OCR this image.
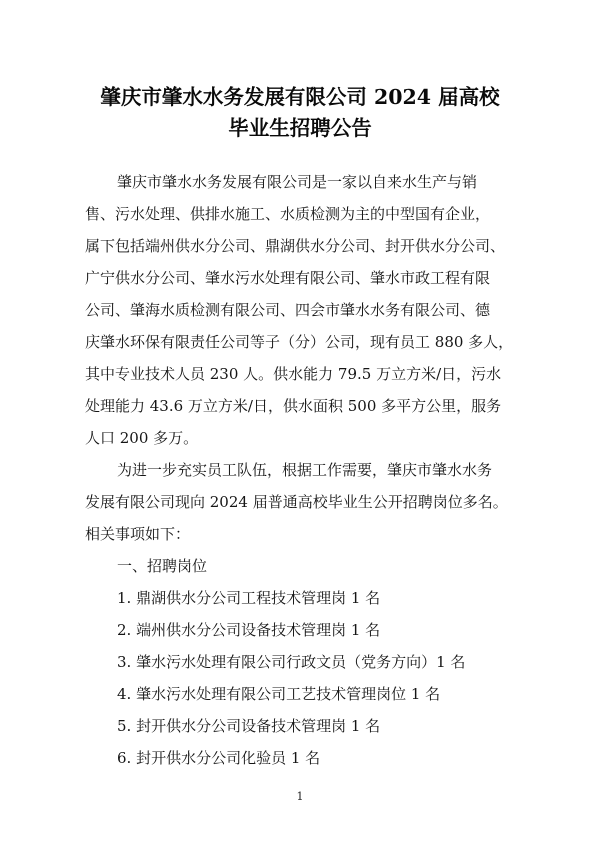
肇庆市肇水水务发展有限公司 2024 届高校
毕业生招聘公告
肇庆市肇水水务发展有限公司是一家以自来水生产与销
售、污水处理、供排水施工、水质检测为主的中型国有企业，
属下包括端州供水分公司、鼎湖供水分公司、封开供水分公司、
广宁供水分公司、肇水污水处理有限公司、肇水市政工程有限
公司、肇海水质检测有限公司、四会市肇水水务有限公司、德
庆肇水环保有限责任公司等子（分）公司，现有员工 880 多人，
其中专业技术人员 230 人。供水能力 79.5 万立方米/日，污水
处理能力 43.6 万立方米/日，供水面积 500 多平方公里，服务
人口 200 多万。
为进一步充实员工队伍，根据工作需要，肇庆市肇水水务
发展有限公司现向 2024 届普通高校毕业生公开招聘岗位多名。
相关事项如下：
一、招聘岗位
1. 鼎湖供水分公司工程技术管理岗 1 名
2. 端州供水分公司设备技术管理岗 1 名
3. 肇水污水处理有限公司行政文员（党务方向）1 名
4. 肇水污水处理有限公司工艺技术管理岗位 1 名
5. 封开供水分公司设备技术管理岗 1 名
6. 封开供水分公司化验员 1 名
1
